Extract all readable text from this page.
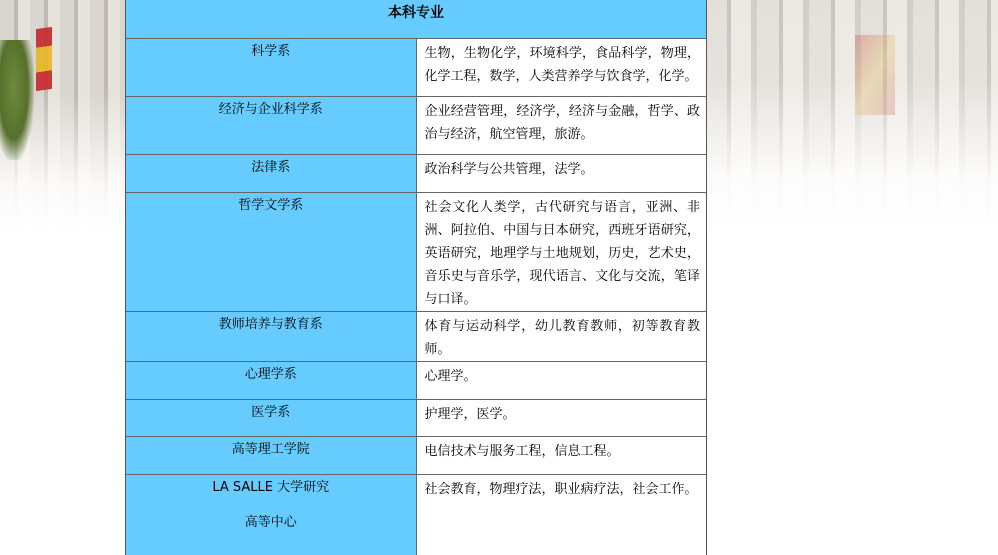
本科专业	
科学系	生物，生物化学，环境科学，食品科学，物理，化学工程，数学，人类营养学与饮食学，化学。
经济与企业科学系	企业经营管理，经济学，经济与金融，哲学、政治与经济，航空管理，旅游。
法律系	政治科学与公共管理，法学。
哲学文学系	社会文化人类学，古代研究与语言，亚洲、非洲、阿拉伯、中国与日本研究，西班牙语研究，英语研究，地理学与土地规划，历史，艺术史，音乐史与音乐学，现代语言、文化与交流，笔译与口译。
教师培养与教育系	体育与运动科学，幼儿教育教师，初等教育教师。
心理学系	心理学。
医学系	护理学，医学。
高等理工学院	电信技术与服务工程，信息工程。
LA SALLE 大学研究
高等中心	社会教育，物理疗法，职业病疗法，社会工作。
